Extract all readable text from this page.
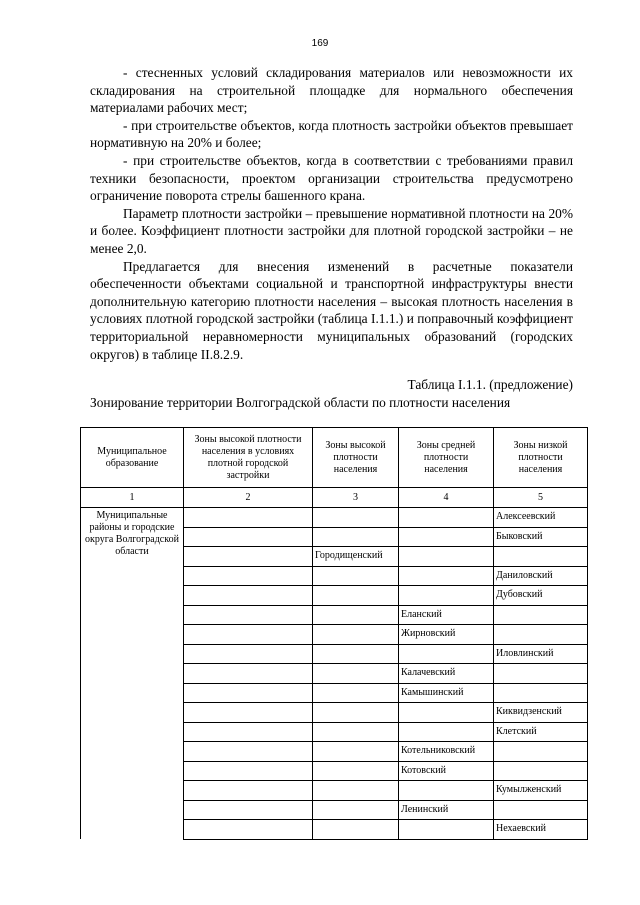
169

- стесненных условий складирования материалов или невозможности их складирования на строительной площадке для нормального обеспечения материалами рабочих мест;

- при строительстве объектов, когда плотность застройки объектов превышает нормативную на 20% и более;

- при строительстве объектов, когда в соответствии с требованиями правил техники безопасности, проектом организации строительства предусмотрено ограничение поворота стрелы башенного крана.

Параметр плотности застройки – превышение нормативной плотности на 20% и более. Коэффициент плотности застройки для плотной городской застройки – не менее 2,0.

Предлагается для внесения изменений в расчетные показатели обеспеченности объектами социальной и транспортной инфраструктуры внести дополнительную категорию плотности населения – высокая плотность населения в условиях плотной городской застройки (таблица I.1.1.) и поправочный коэффициент территориальной неравномерности муниципальных образований (городских округов) в таблице II.8.2.9.

Таблица I.1.1. (предложение)
Зонирование территории Волгоградской области по плотности населения
Муниципальное образование	Зоны высокой плотности населения в условиях плотной городской застройки	Зоны высокой плотности населения	Зоны средней плотности населения	Зоны низкой плотности населения
1	2	3	4	5
Муниципальные районы и городские округа Волгоградской области				Алексеевский
				Быковский
		Городищенский		
				Даниловский
				Дубовский
			Еланский	
			Жирновский	
				Иловлинский
			Калачевский	
			Камышинский	
				Киквидзенский
				Клетский
			Котельниковский	
			Котовский	
				Кумылженский
			Ленинский	
				Нехаевский
